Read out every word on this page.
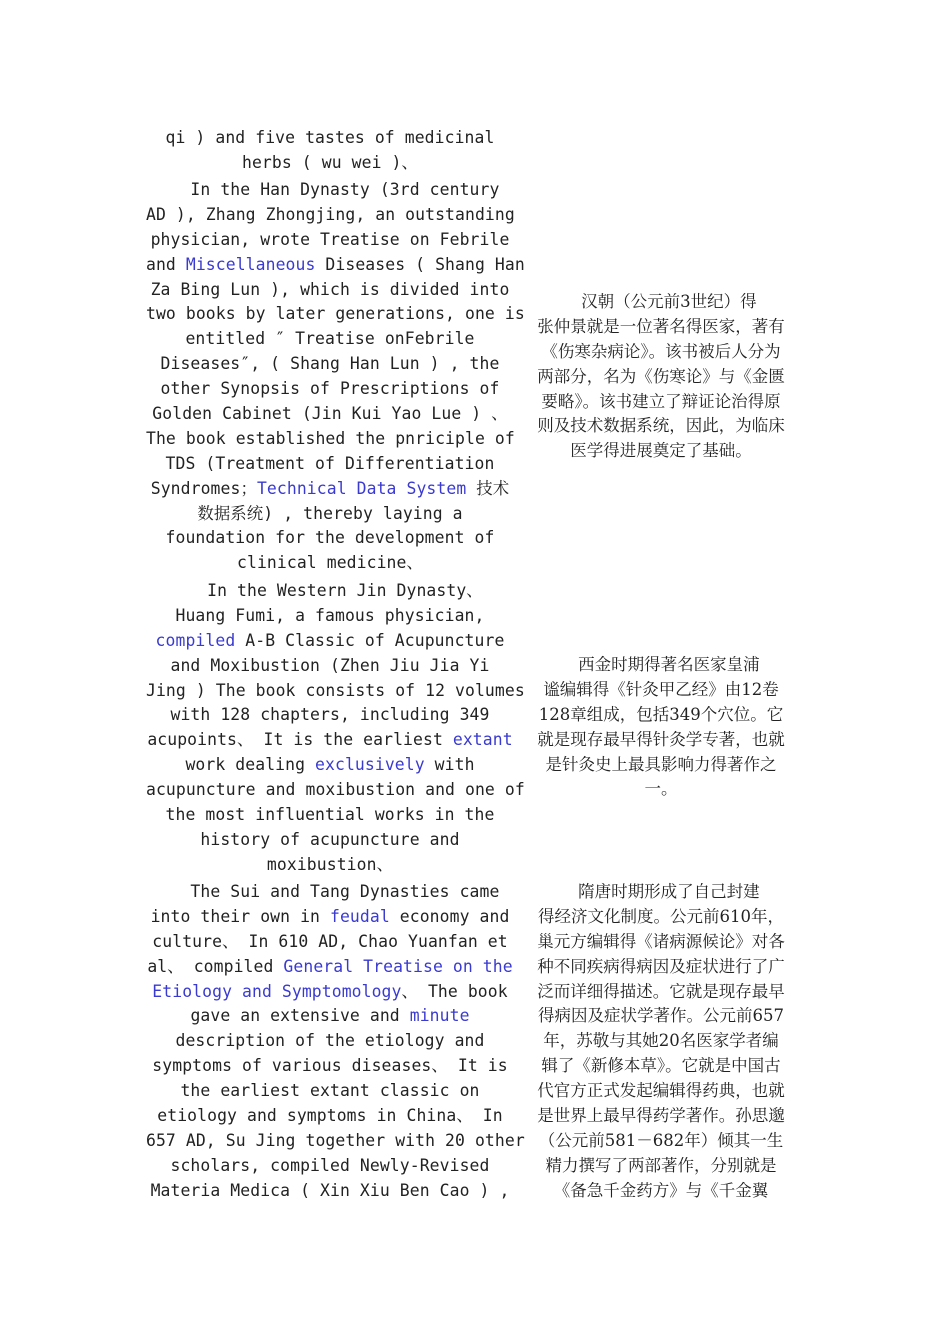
qi ) and five tastes of medicinal
herbs ( wu wei )、
In the Han Dynasty (3rd century
AD ), Zhang Zhongjing, an outstanding
physician, wrote Treatise on Febrile
and Miscellaneous Diseases ( Shang Han
Za Bing Lun ), which is divided into
two books by later generations, one is
entitled ″ Treatise onFebrile
Diseases″, ( Shang Han Lun ) , the
other Synopsis of Prescriptions of
Golden Cabinet (Jin Kui Yao Lue ) 、
The book established the pnriciple of
TDS (Treatment of Differentiation
Syndromes；Technical Data System 技术
数据系统) , thereby laying a
foundation for the development of
clinical medicine、
In the Western Jin Dynasty、
Huang Fumi, a famous physician,
compiled A-B Classic of Acupuncture
and Moxibustion (Zhen Jiu Jia Yi
Jing ) The book consists of 12 volumes
with 128 chapters, including 349
acupoints、 It is the earliest extant
work dealing exclusively with
acupuncture and moxibustion and one of
the most influential works in the
history of acupuncture and
moxibustion、
The Sui and Tang Dynasties came
into their own in feudal economy and
culture、 In 610 AD, Chao Yuanfan et
al、 compiled General Treatise on the
Etiology and Symptomology、 The book
gave an extensive and minute
description of the etiology and
symptoms of various diseases、 It is
the earliest extant classic on
etiology and symptoms in China、 In
657 AD, Su Jing together with 20 other
scholars, compiled Newly-Revised
Materia Medica ( Xin Xiu Ben Cao ) ,
汉朝（公元前3世纪）得
张仲景就是一位著名得医家，著有
《伤寒杂病论》。该书被后人分为
两部分，名为《伤寒论》与《金匮
要略》。该书建立了辩证论治得原
则及技术数据系统，因此，为临床
医学得进展奠定了基础。
西金时期得著名医家皇浦
谧编辑得《针灸甲乙经》由12卷
128章组成，包括349个穴位。它
就是现存最早得针灸学专著，也就
是针灸史上最具影响力得著作之
一。
隋唐时期形成了自己封建
得经济文化制度。公元前610年，
巢元方编辑得《诸病源候论》对各
种不同疾病得病因及症状进行了广
泛而详细得描述。它就是现存最早
得病因及症状学著作。公元前657
年，苏敬与其她20名医家学者编
辑了《新修本草》。它就是中国古
代官方正式发起编辑得药典，也就
是世界上最早得药学著作。孙思邈
（公元前581－682年）倾其一生
精力撰写了两部著作，分别就是
《备急千金药方》与《千金翼
